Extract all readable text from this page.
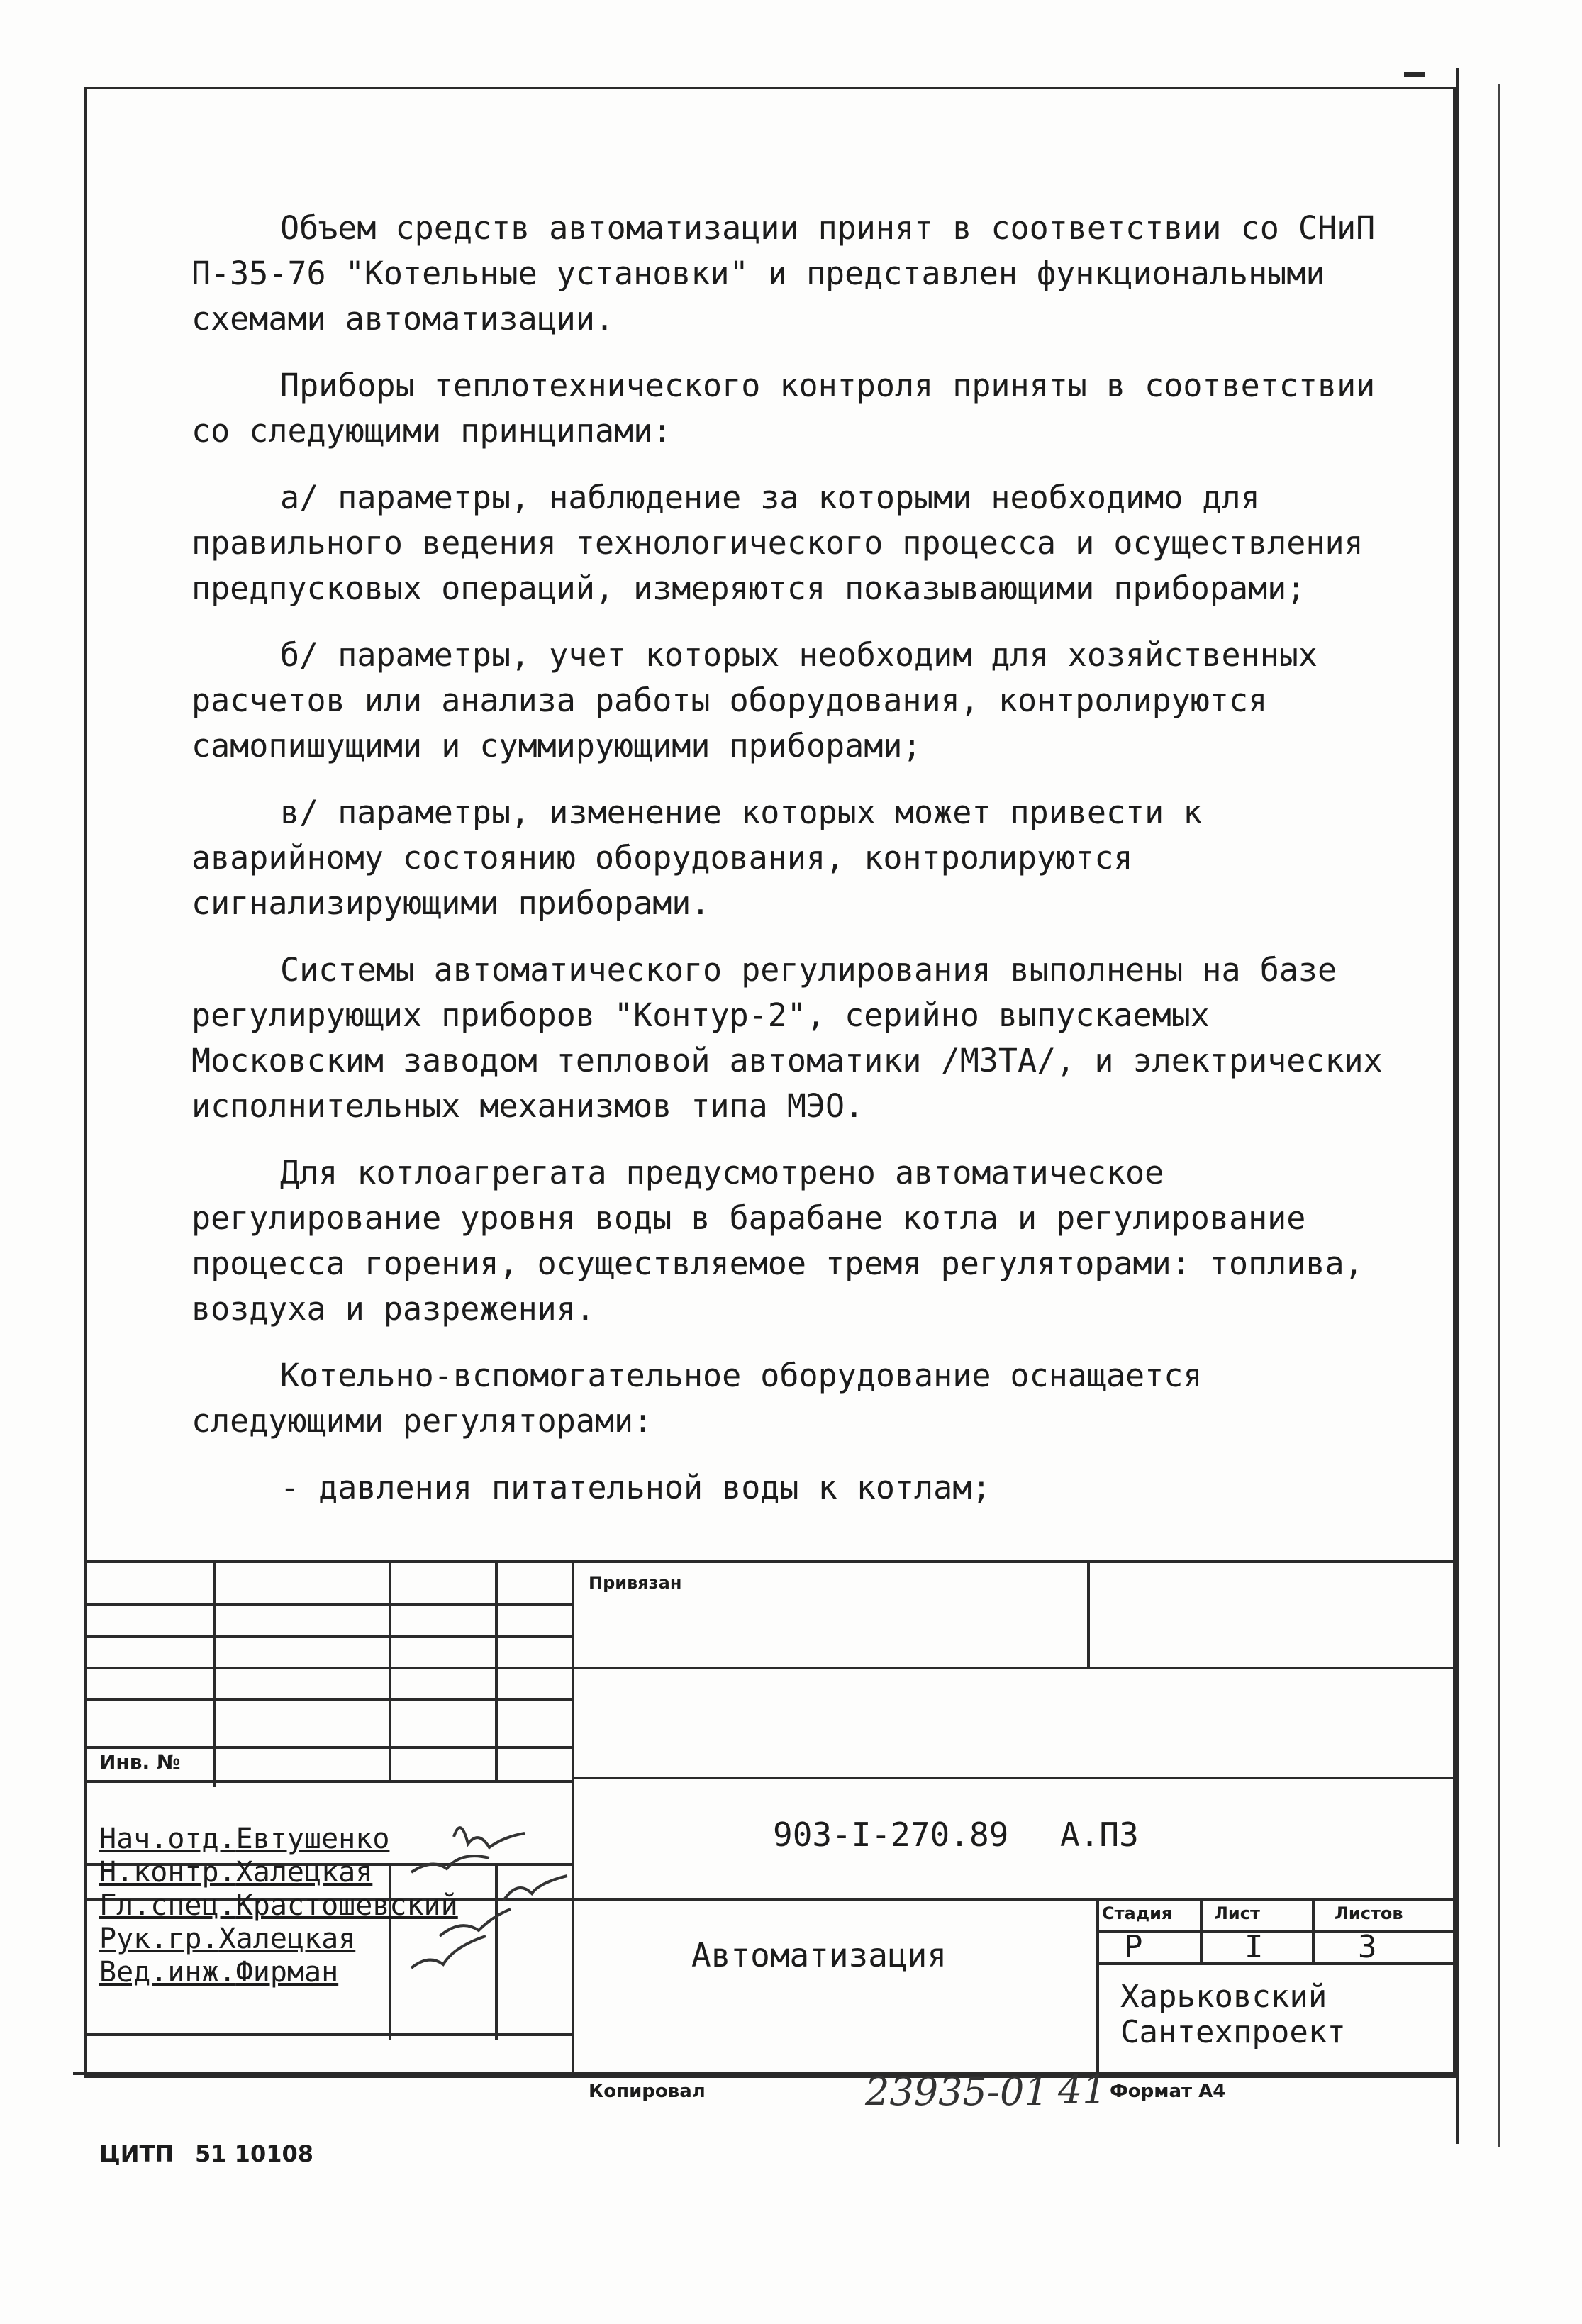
Объем средств автоматизации принят в соответствии со СНиП П-35-76 "Котельные установки" и представлен функциональными схемами автоматизации.

Приборы теплотехнического контроля приняты в соответствии со следующими принципами:

а/ параметры, наблюдение за которыми необходимо для правильного ведения технологического процесса и осуществления предпусковых операций, измеряются показывающими приборами;

б/ параметры, учет которых необходим для хозяйственных расчетов или анализа работы оборудования, контролируются самопишущими и суммирующими приборами;

в/ параметры, изменение которых может привести к аварийному состоянию оборудования, контролируются сигнализирующими приборами.

Системы автоматического регулирования выполнены на базе регулирующих приборов "Контур-2", серийно выпускаемых Московским заводом тепловой автоматики /МЗТА/, и электрических исполнительных механизмов типа МЭО.

Для котлоагрегата предусмотрено автоматическое регулирование уровня воды в барабане котла и регулирование процесса горения, осуществляемое тремя регуляторами: топлива, воздуха и разрежения.

Котельно-вспомогательное оборудование оснащается следующими регуляторами:

- давления питательной воды к котлам;

Привязан
Инв. №
903-I-270.89 А.ПЗ
Автоматизация
Стадия Лист	Листов
Р	I	3
Харьковский
Сантехпроект
Нач.отд.Евтушенко
Н.контр.Халецкая
Гл.спец.Крастошевский
Рук.гр.Халецкая
Вед.инж.Фирман
Копировал	23935-01 41 Формат А4
ЦИТП 51 10108
